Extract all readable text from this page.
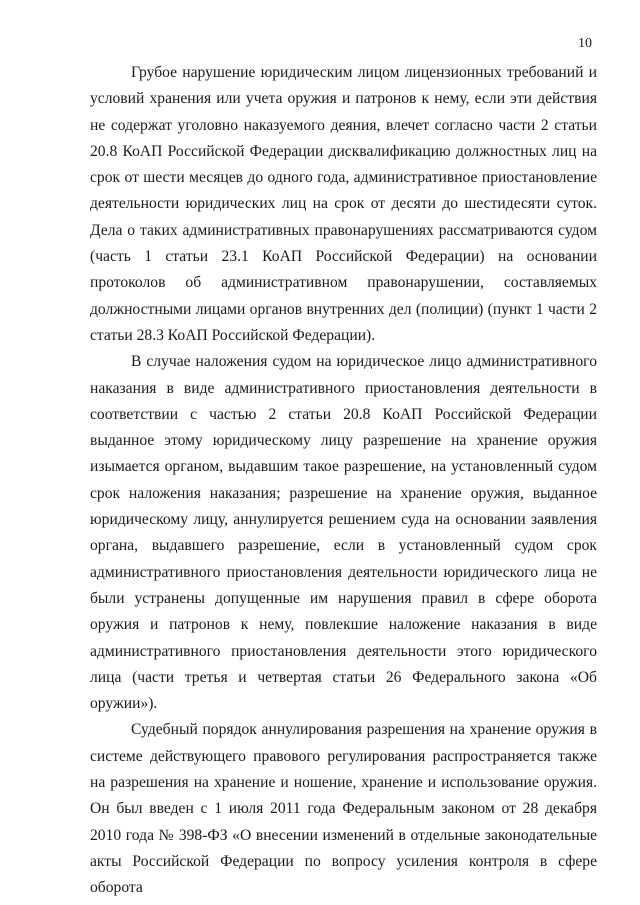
10

Грубое нарушение юридическим лицом лицензионных требований и условий хранения или учета оружия и патронов к нему, если эти действия не содержат уголовно наказуемого деяния, влечет согласно части 2 статьи 20.8 КоАП Российской Федерации дисквалификацию должностных лиц на срок от шести месяцев до одного года, административное приостановление деятельности юридических лиц на срок от десяти до шестидесяти суток. Дела о таких административных правонарушениях рассматриваются судом (часть 1 статьи 23.1 КоАП Российской Федерации) на основании протоколов об административном правонарушении, составляемых должностными лицами органов внутренних дел (полиции) (пункт 1 части 2 статьи 28.3 КоАП Российской Федерации).

В случае наложения судом на юридическое лицо административного наказания в виде административного приостановления деятельности в соответствии с частью 2 статьи 20.8 КоАП Российской Федерации выданное этому юридическому лицу разрешение на хранение оружия изымается органом, выдавшим такое разрешение, на установленный судом срок наложения наказания; разрешение на хранение оружия, выданное юридическому лицу, аннулируется решением суда на основании заявления органа, выдавшего разрешение, если в установленный судом срок административного приостановления деятельности юридического лица не были устранены допущенные им нарушения правил в сфере оборота оружия и патронов к нему, повлекшие наложение наказания в виде административного приостановления деятельности этого юридического лица (части третья и четвертая статьи 26 Федерального закона «Об оружии»).

Судебный порядок аннулирования разрешения на хранение оружия в системе действующего правового регулирования распространяется также на разрешения на хранение и ношение, хранение и использование оружия. Он был введен с 1 июля 2011 года Федеральным законом от 28 декабря 2010 года № 398-ФЗ «О внесении изменений в отдельные законодательные акты Российской Федерации по вопросу усиления контроля в сфере оборота
